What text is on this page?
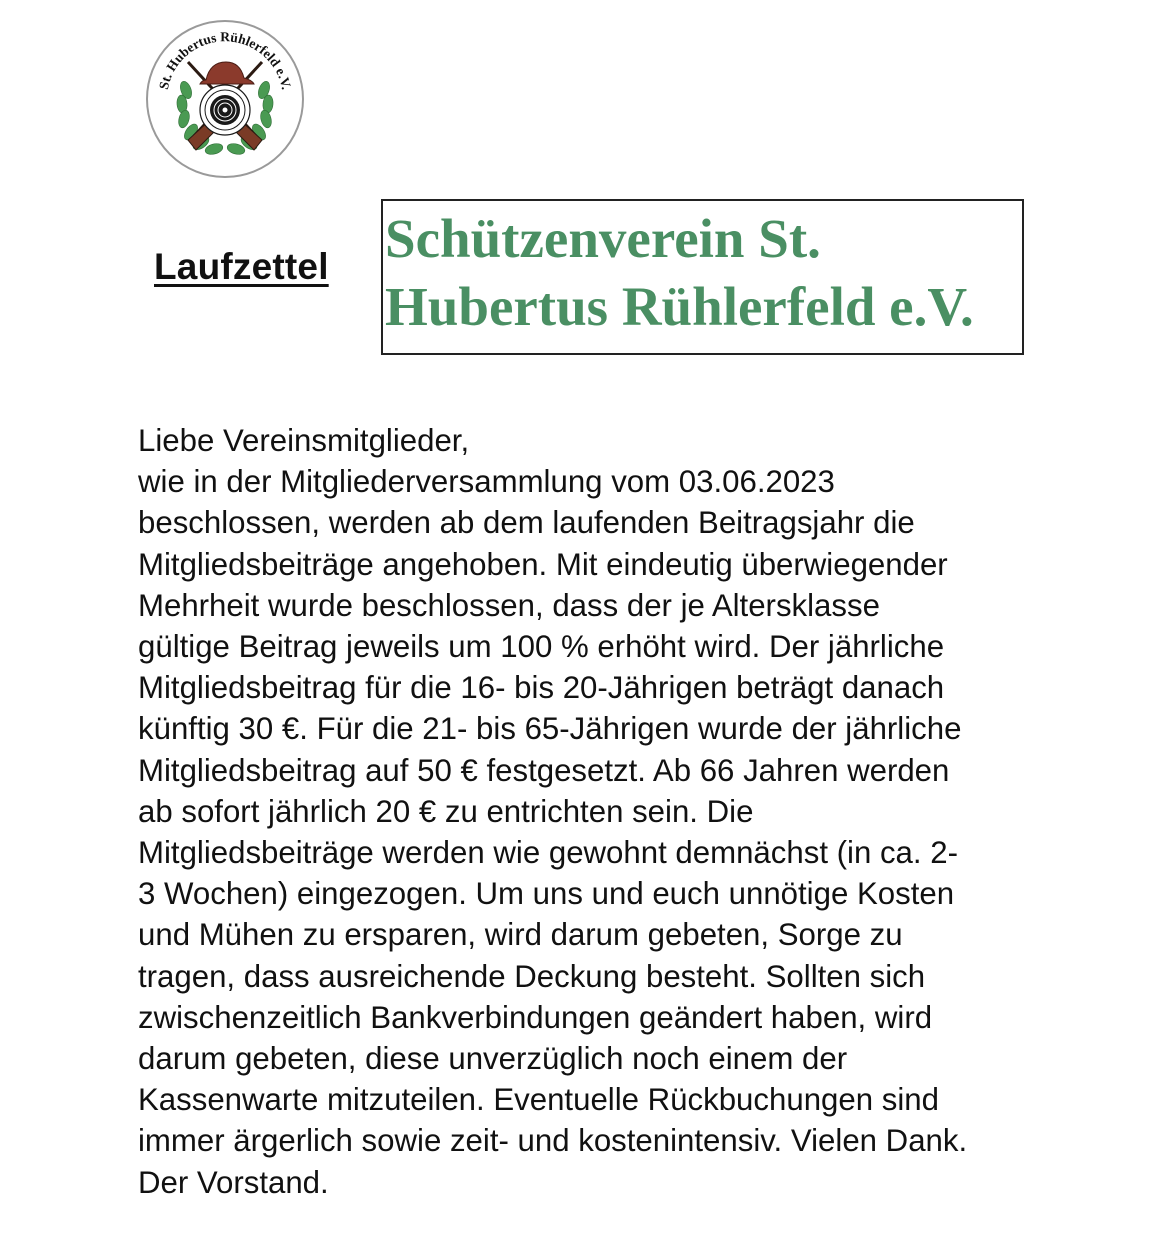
St. Hubertus Rühlerfeld e.V.
Laufzettel Schützenverein St.
Hubertus Rühlerfeld e.V.

Liebe Vereinsmitglieder,

wie in der Mitgliederversammlung vom 03.06.2023

beschlossen, werden ab dem laufenden Beitragsjahr die

Mitgliedsbeiträge angehoben. Mit eindeutig überwiegender

Mehrheit wurde beschlossen, dass der je Altersklasse

gültige Beitrag jeweils um 100 % erhöht wird. Der jährliche

Mitgliedsbeitrag für die 16- bis 20-Jährigen beträgt danach

künftig 30 €. Für die 21- bis 65-Jährigen wurde der jährliche

Mitgliedsbeitrag auf 50 € festgesetzt. Ab 66 Jahren werden

ab sofort jährlich 20 € zu entrichten sein. Die

Mitgliedsbeiträge werden wie gewohnt demnächst (in ca. 2-

3 Wochen) eingezogen. Um uns und euch unnötige Kosten

und Mühen zu ersparen, wird darum gebeten, Sorge zu

tragen, dass ausreichende Deckung besteht. Sollten sich

zwischenzeitlich Bankverbindungen geändert haben, wird

darum gebeten, diese unverzüglich noch einem der

Kassenwarte mitzuteilen. Eventuelle Rückbuchungen sind

immer ärgerlich sowie zeit- und kostenintensiv. Vielen Dank.

Der Vorstand.
